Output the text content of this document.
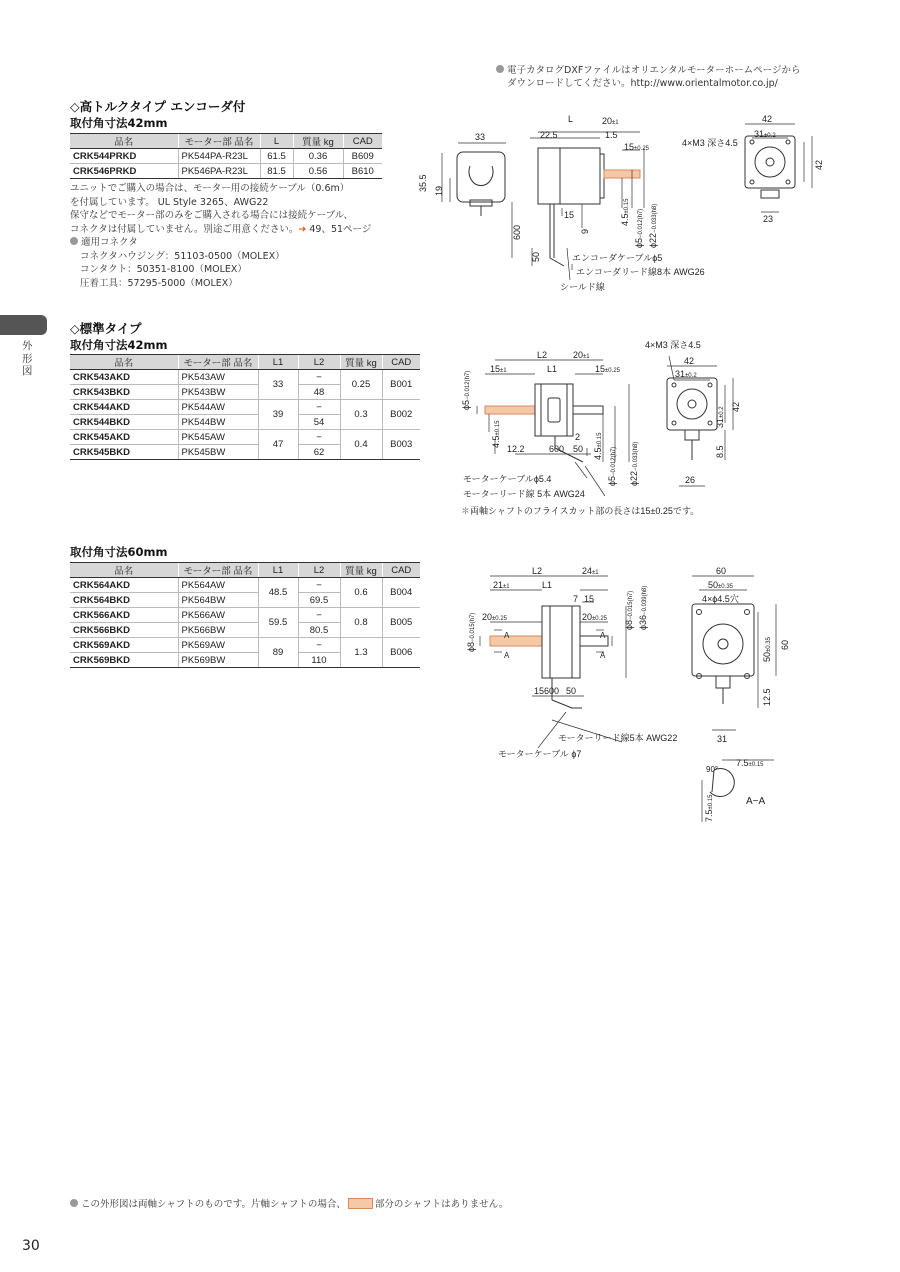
電子カタログDXFファイルはオリエンタルモーターホームページから
ダウンロードしてください。http://www.orientalmotor.co.jp/
◇高トルクタイプ エンコーダ付
取付角寸法42mm
品名	モーター部 品名	L	質量 kg	CAD
CRK544PRKD	PK544PA-R23L	61.5	0.36	B609
CRK546PRKD	PK546PA-R23L	81.5	0.56	B610
ユニットでご購入の場合は、モーター用の接続ケーブル（0.6m）
を付属しています。 UL Style 3265、AWG22
保守などでモーター部のみをご購入される場合には接続ケーブル、
コネクタは付属していません。別途ご用意ください。➜ 49、51ページ
適用コネクタ
コネクタハウジング：51103-0500（MOLEX）
コンタクト：50351-8100（MOLEX）
圧着工具：57295-5000（MOLEX）
外形図
33
L	20±1
22.5	1.5
15±0.25
35.5 19
600
50
15
9
4.5±0.15
ϕ5−0.012(h7)
ϕ22−0.033(h8)
42
31±0.2
4×M3 深さ4.5
42
23
エンコーダケーブルϕ5
エンコーダリード線8本 AWG26
シールド線
◇標準タイプ
取付角寸法42mm
品名	モーター部 品名	L1	L2	質量 kg	CAD
CRK543AKD	PK543AW	33	−	0.25	B001
CRK543BKD	PK543BW		48		
CRK544AKD	PK544AW	39	−	0.3	B002
CRK544BKD	PK544BW		54		
CRK545AKD	PK545AW	47	−	0.4	B003
CRK545BKD	PK545BW		62		
L2	20±1
L1
15±1	15±0.25
ϕ5−0.012(h7)
4.5±0.15
12.2	600 50
2
4.5±0.15
ϕ5−0.012(h7)
ϕ22−0.033(h8)
4×M3 深さ4.5
42
31±0.2
31±0.2 42
8.5
26
モーターケーブルϕ5.4
モーターリード線 5本 AWG24
✽両軸シャフトのフライスカット部の長さは15±0.25です。
取付角寸法60mm
品名	モーター部 品名	L1	L2	質量 kg	CAD
CRK564AKD	PK564AW	48.5	−	0.6	B004
CRK564BKD	PK564BW		69.5		
CRK566AKD	PK566AW	59.5	−	0.8	B005
CRK566BKD	PK566BW		80.5		
CRK569AKD	PK569AW	89	−	1.3	B006
CRK569BKD	PK569BW		110		
L2	24±1
21±1	L1
7 15
20±0.25	20±0.25
ϕ8−0.015(h7)	ϕ8−0.015(h7)
ϕ36−0.039(h8)
A
A
A
A
15 600 50
60
50±0.35
4×ϕ4.5穴
50±0.35 60
12.5
31
モーターリード線5本 AWG22
モーターケーブル ϕ7
90°
7.5±0.15
7.5±0.15	A−A
この外形図は両軸シャフトのものです。片軸シャフトの場合、	部分のシャフトはありません。
30
